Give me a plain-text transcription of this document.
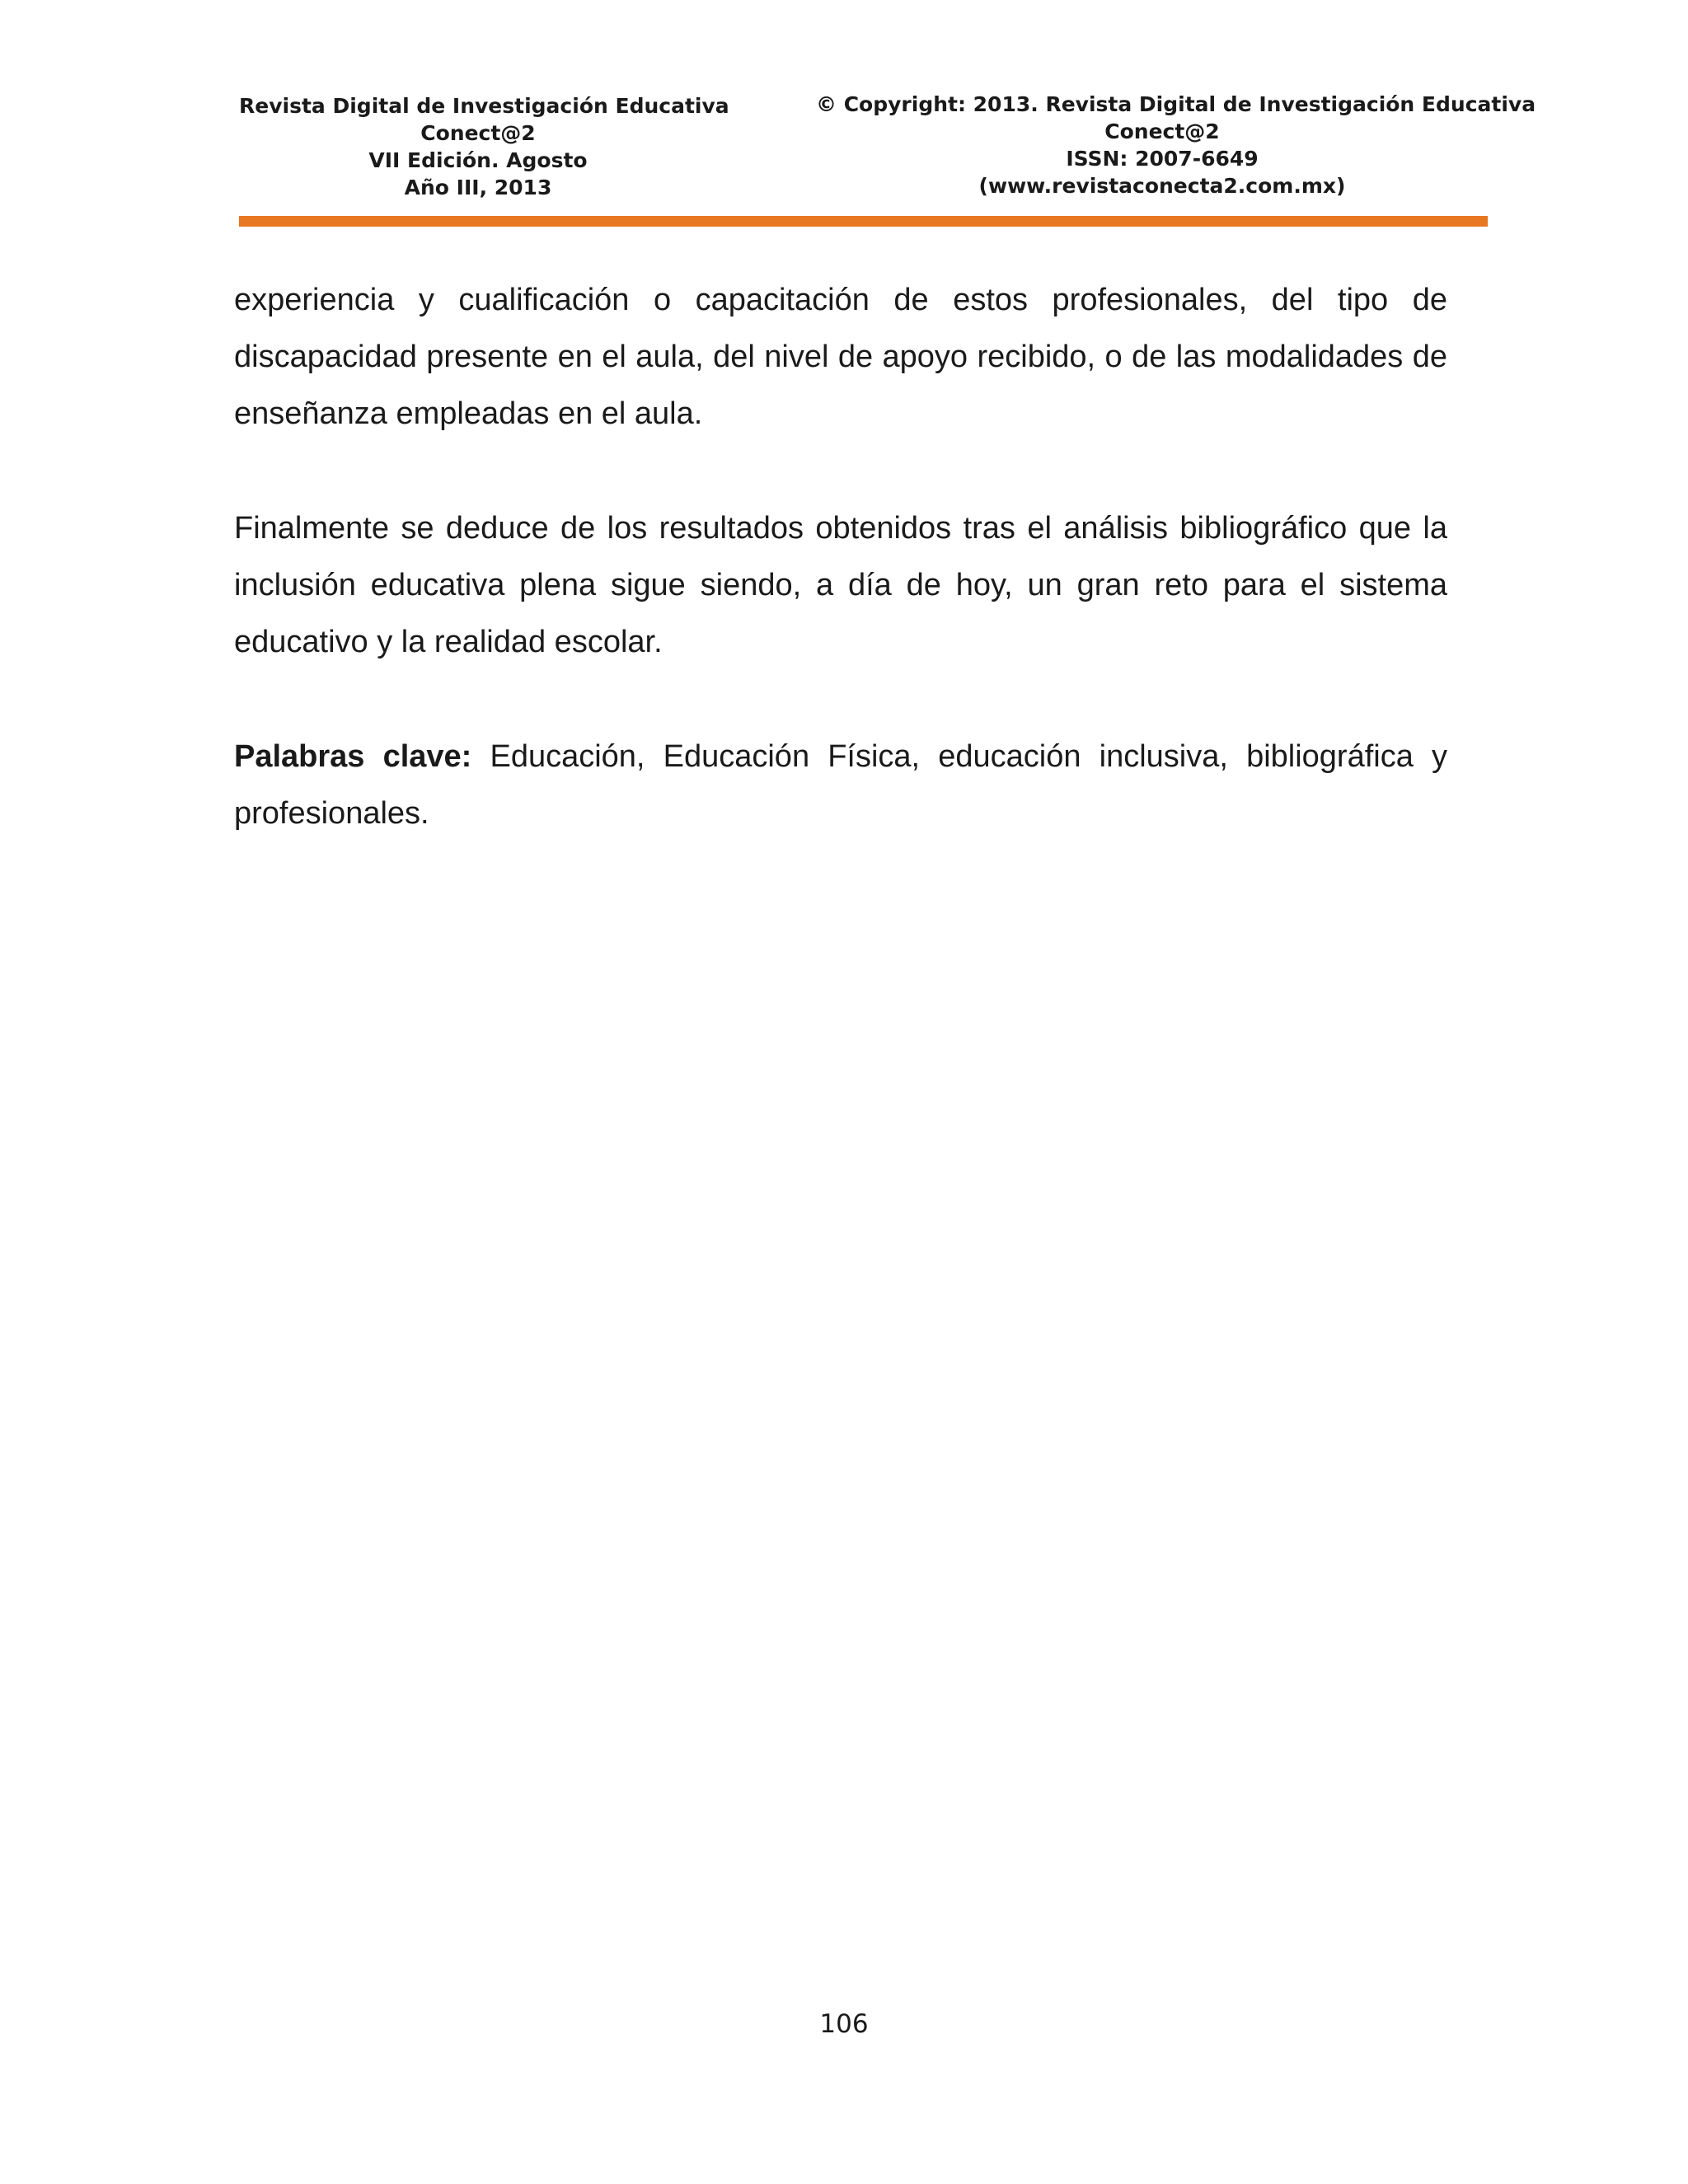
Revista Digital de Investigación Educativa
Conect@2
VII Edición. Agosto
Año III, 2013
© Copyright: 2013. Revista Digital de Investigación Educativa
Conect@2
ISSN: 2007-6649
(www.revistaconecta2.com.mx)

experiencia y cualificación o capacitación de estos profesionales, del tipo de discapacidad presente en el aula, del nivel de apoyo recibido, o de las modalidades de enseñanza empleadas en el aula.

Finalmente se deduce de los resultados obtenidos tras el análisis bibliográfico que la inclusión educativa plena sigue siendo, a día de hoy, un gran reto para el sistema educativo y la realidad escolar.

Palabras clave: Educación, Educación Física, educación inclusiva, bibliográfica y profesionales.

106
